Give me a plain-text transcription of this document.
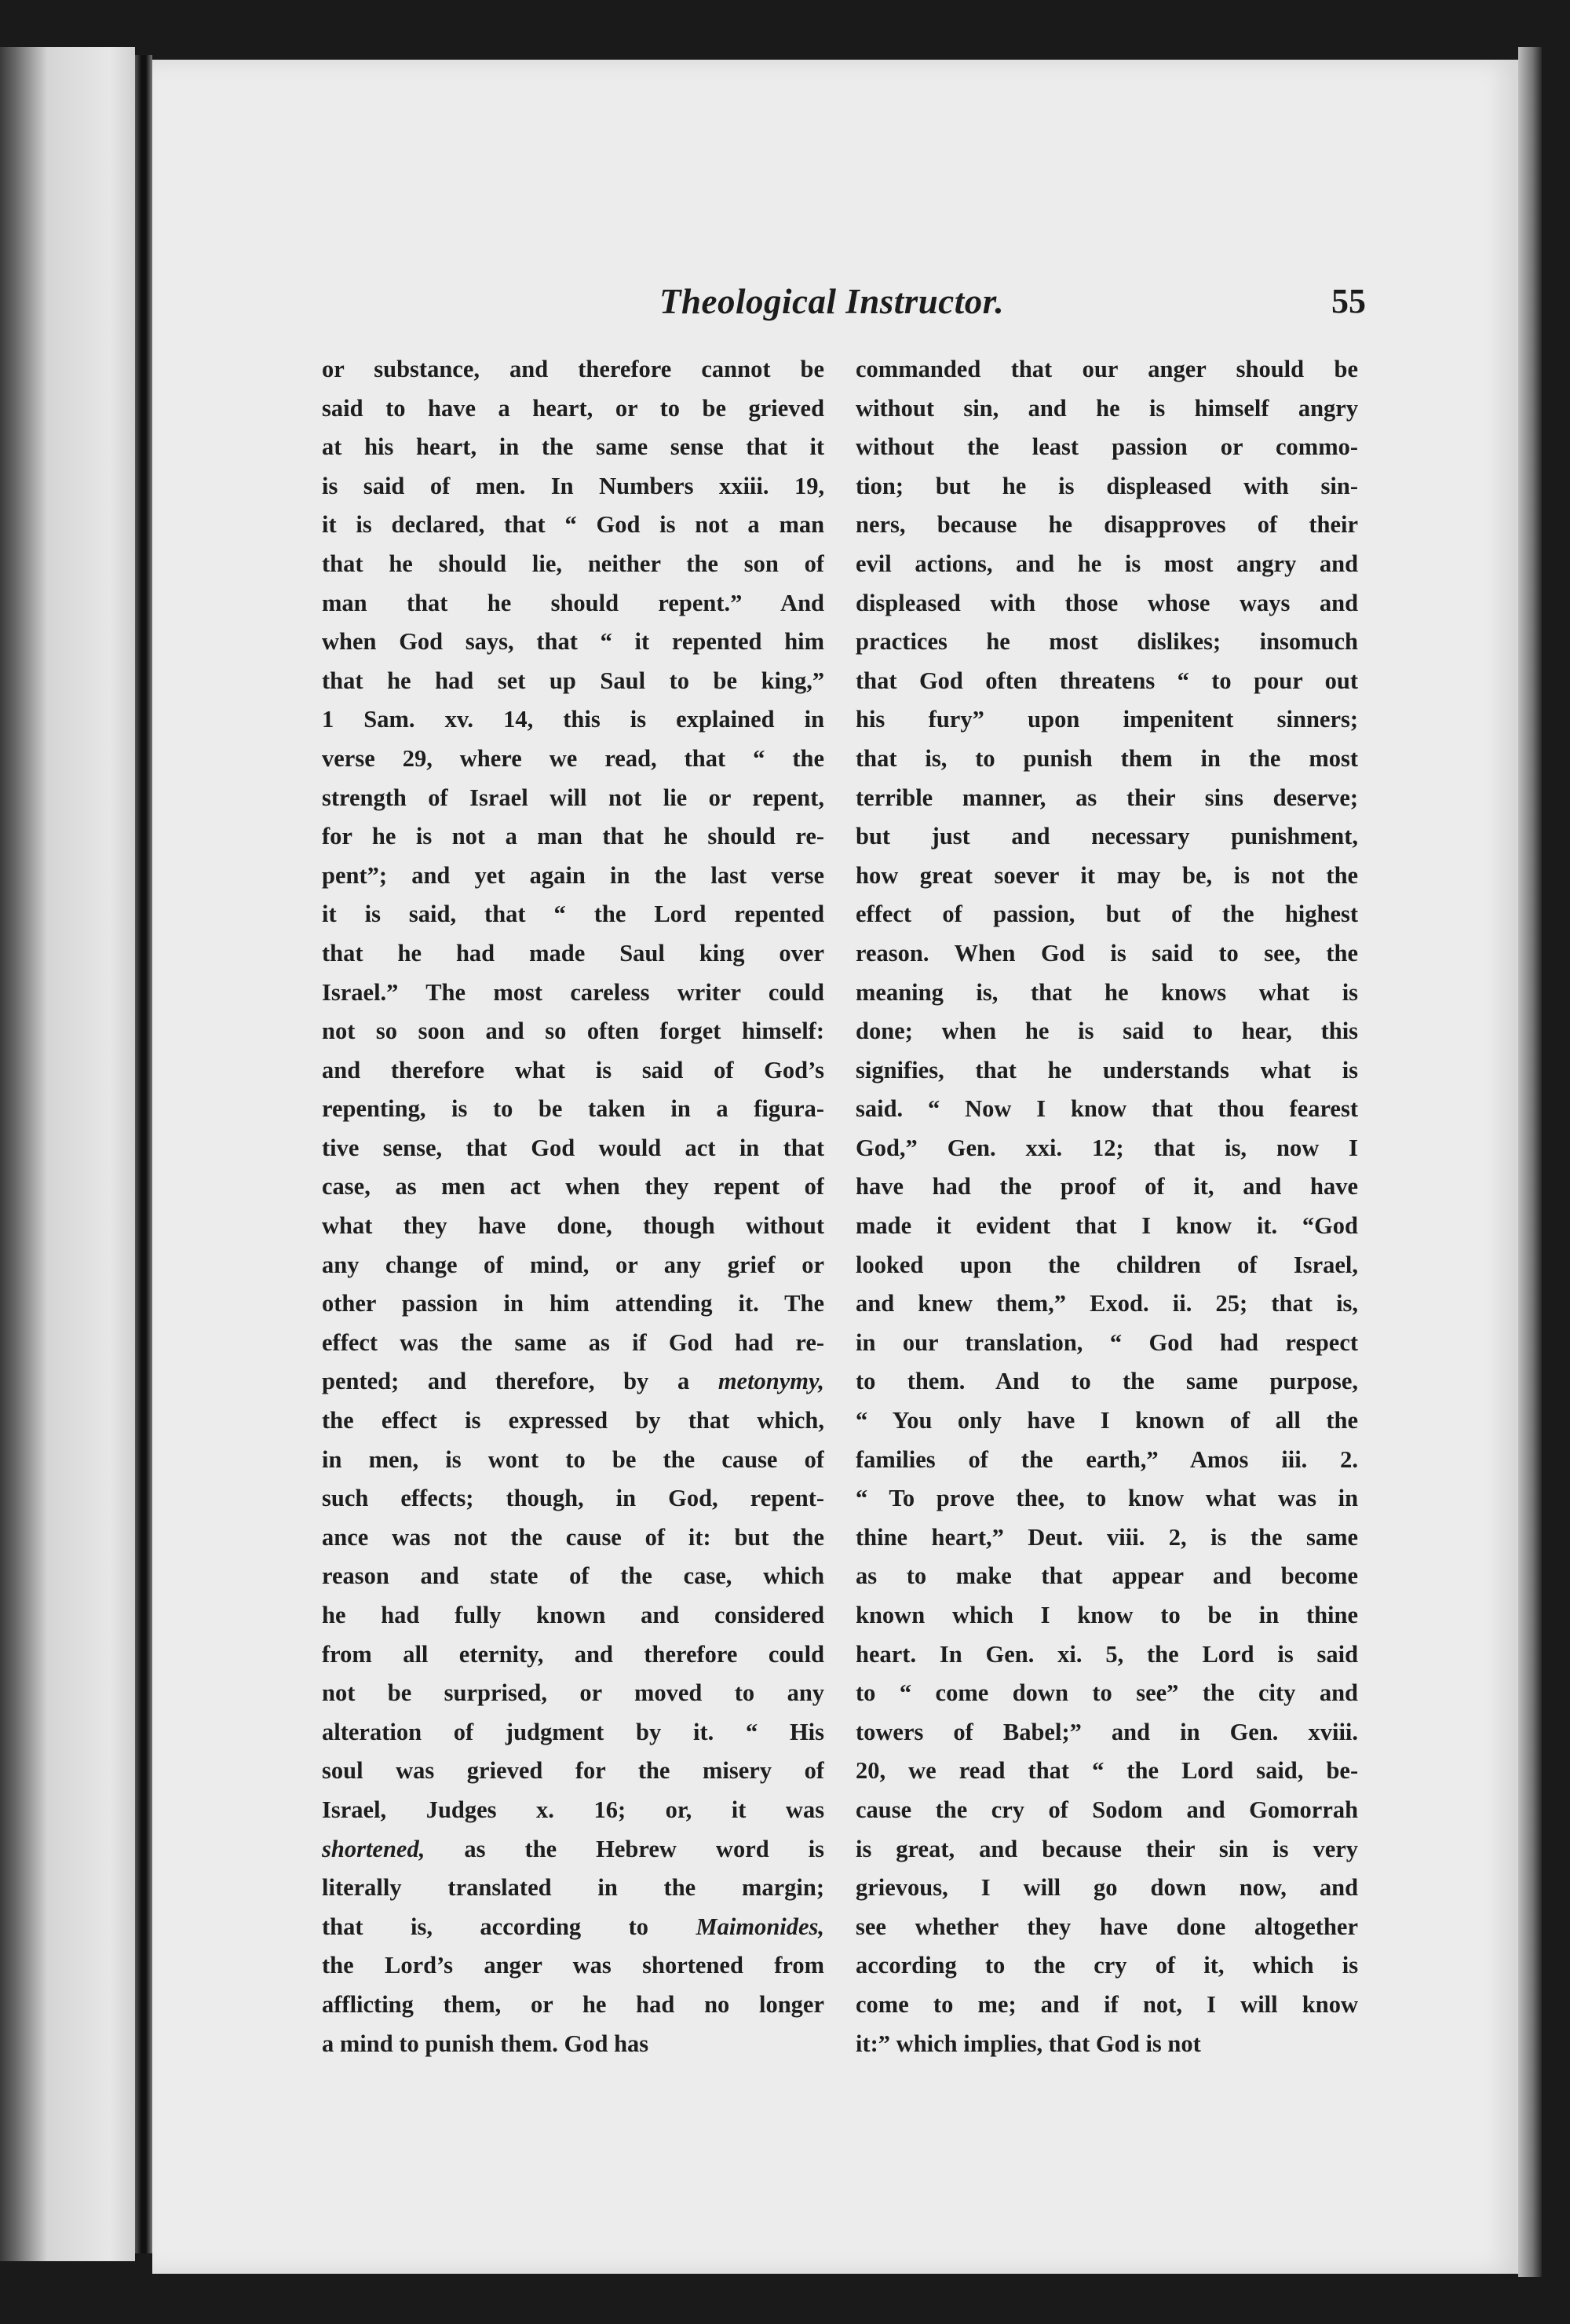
Theological Instructor.	55
or substance, and therefore cannot be
said to have a heart, or to be grieved
at his heart, in the same sense that it
is said of men. In Numbers xxiii. 19,
it is declared, that “ God is not a man
that he should lie, neither the son of
man that he should repent.” And
when God says, that “ it repented him
that he had set up Saul to be king,”
1 Sam. xv. 14, this is explained in
verse 29, where we read, that “ the
strength of Israel will not lie or repent,
for he is not a man that he should re-
pent”; and yet again in the last verse
it is said, that “ the Lord repented
that he had made Saul king over
Israel.” The most careless writer could
not so soon and so often forget himself:
and therefore what is said of God’s
repenting, is to be taken in a figura-
tive sense, that God would act in that
case, as men act when they repent of
what they have done, though without
any change of mind, or any grief or
other passion in him attending it. The
effect was the same as if God had re-
pented; and therefore, by a metonymy,
the effect is expressed by that which,
in men, is wont to be the cause of
such effects; though, in God, repent-
ance was not the cause of it: but the
reason and state of the case, which
he had fully known and considered
from all eternity, and therefore could
not be surprised, or moved to any
alteration of judgment by it. “ His
soul was grieved for the misery of
Israel, Judges x. 16; or, it was
shortened, as the Hebrew word is
literally translated in the margin;
that is, according to Maimonides,
the Lord’s anger was shortened from
afflicting them, or he had no longer
a mind to punish them. God has
commanded that our anger should be
without sin, and he is himself angry
without the least passion or commo-
tion; but he is displeased with sin-
ners, because he disapproves of their
evil actions, and he is most angry and
displeased with those whose ways and
practices he most dislikes; insomuch
that God often threatens “ to pour out
his fury” upon impenitent sinners;
that is, to punish them in the most
terrible manner, as their sins deserve;
but just and necessary punishment,
how great soever it may be, is not the
effect of passion, but of the highest
reason. When God is said to see, the
meaning is, that he knows what is
done; when he is said to hear, this
signifies, that he understands what is
said. “ Now I know that thou fearest
God,” Gen. xxi. 12; that is, now I
have had the proof of it, and have
made it evident that I know it. “God
looked upon the children of Israel,
and knew them,” Exod. ii. 25; that is,
in our translation, “ God had respect
to them. And to the same purpose,
“ You only have I known of all the
families of the earth,” Amos iii. 2.
“ To prove thee, to know what was in
thine heart,” Deut. viii. 2, is the same
as to make that appear and become
known which I know to be in thine
heart. In Gen. xi. 5, the Lord is said
to “ come down to see” the city and
towers of Babel;” and in Gen. xviii.
20, we read that “ the Lord said, be-
cause the cry of Sodom and Gomorrah
is great, and because their sin is very
grievous, I will go down now, and
see whether they have done altogether
according to the cry of it, which is
come to me; and if not, I will know
it:” which implies, that God is not
